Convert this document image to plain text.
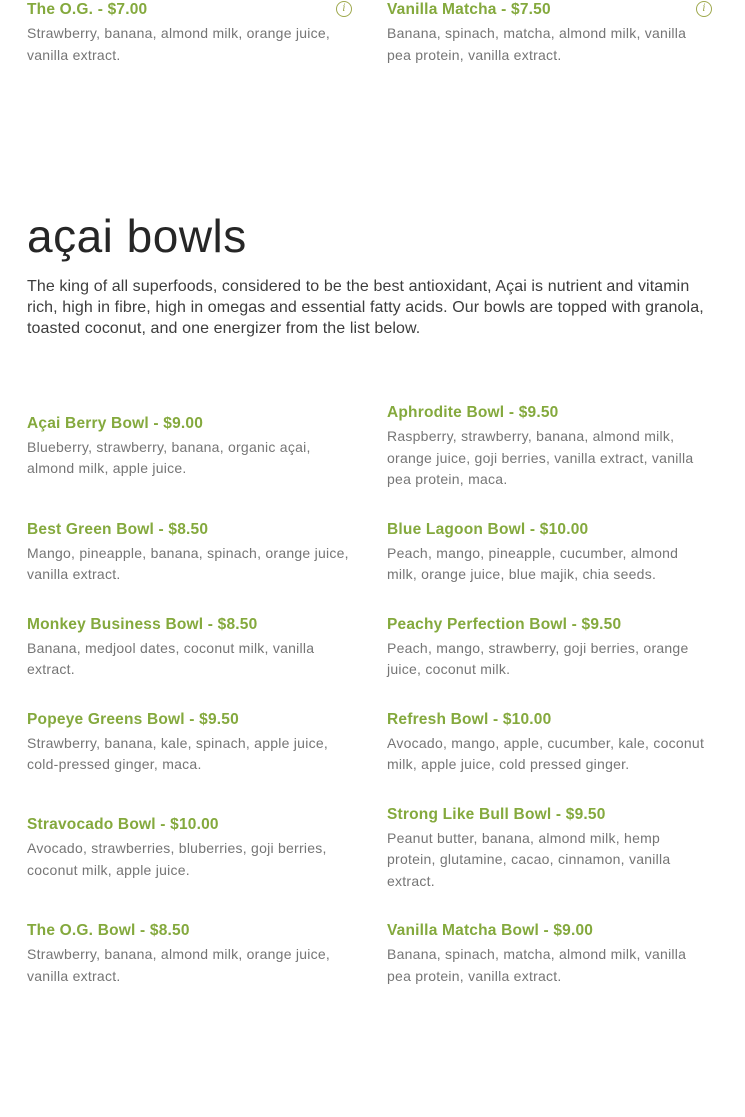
The O.G. - $7.00	i
Strawberry, banana, almond milk, orange juice, vanilla extract.
Vanilla Matcha - $7.50	i
Banana, spinach, matcha, almond milk, vanilla pea protein, vanilla extract.
açai bowls

The king of all superfoods, considered to be the best antioxidant, Açai is nutrient and vitamin rich, high in fibre, high in omegas and essential fatty acids. Our bowls are topped with granola, toasted coconut, and one energizer from the list below.

Açai Berry Bowl - $9.00
Blueberry, strawberry, banana, organic açai, almond milk, apple juice.
Aphrodite Bowl - $9.50
Raspberry, strawberry, banana, almond milk, orange juice, goji berries, vanilla extract, vanilla pea protein, maca.
Best Green Bowl - $8.50
Mango, pineapple, banana, spinach, orange juice, vanilla extract.
Blue Lagoon Bowl - $10.00
Peach, mango, pineapple, cucumber, almond milk, orange juice, blue majik, chia seeds.
Monkey Business Bowl - $8.50
Banana, medjool dates, coconut milk, vanilla extract.
Peachy Perfection Bowl - $9.50
Peach, mango, strawberry, goji berries, orange juice, coconut milk.
Popeye Greens Bowl - $9.50
Strawberry, banana, kale, spinach, apple juice, cold-pressed ginger, maca.
Refresh Bowl - $10.00
Avocado, mango, apple, cucumber, kale, coconut milk, apple juice, cold pressed ginger.
Stravocado Bowl - $10.00
Avocado, strawberries, bluberries, goji berries, coconut milk, apple juice.
Strong Like Bull Bowl - $9.50
Peanut butter, banana, almond milk, hemp protein, glutamine, cacao, cinnamon, vanilla extract.
The O.G. Bowl - $8.50
Strawberry, banana, almond milk, orange juice, vanilla extract.
Vanilla Matcha Bowl - $9.00
Banana, spinach, matcha, almond milk, vanilla pea protein, vanilla extract.
